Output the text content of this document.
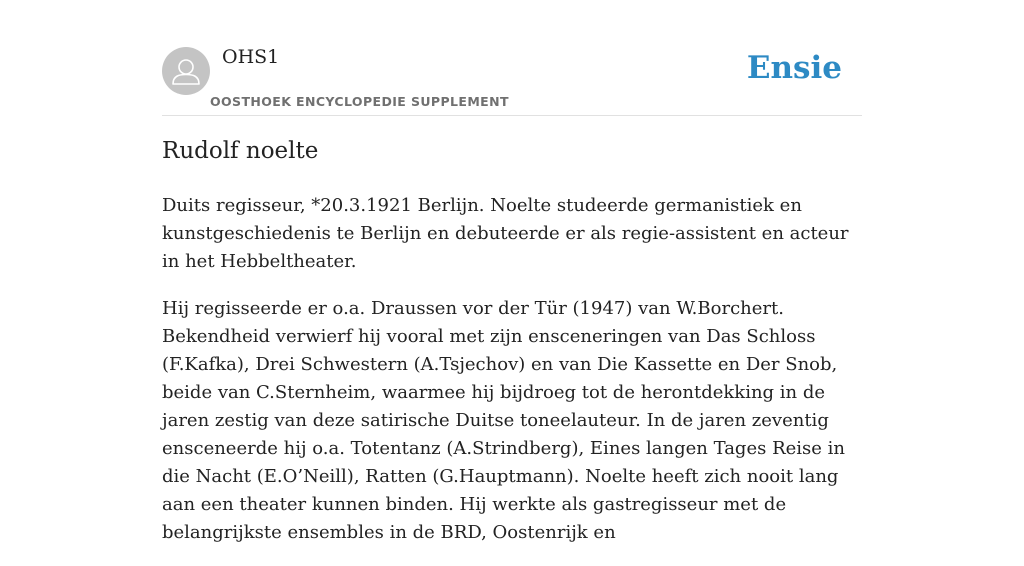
OHS1
OOSTHOEK ENCYCLOPEDIE SUPPLEMENT
Ensie
Rudolf noelte

Duits regisseur, *20.3.1921 Berlijn. Noelte studeerde germanistiek en kunstgeschiedenis te Berlijn en debuteerde er als regie-assistent en acteur in het Hebbeltheater.

Hij regisseerde er o.a. Draussen vor der Tür (1947) van W.Borchert. Bekendheid verwierf hij vooral met zijn ensceneringen van Das Schloss (F.Kafka), Drei Schwestern (A.Tsjechov) en van Die Kassette en Der Snob, beide van C.Sternheim, waarmee hij bijdroeg tot de herontdekking in de jaren zestig van deze satirische Duitse toneelauteur. In de jaren zeventig ensceneerde hij o.a. Totentanz (A.Strindberg), Eines langen Tages Reise in die Nacht (E.O’Neill), Ratten (G.Hauptmann). Noelte heeft zich nooit lang aan een theater kunnen binden. Hij werkte als gastregisseur met de belangrijkste ensembles in de BRD, Oostenrijk en
